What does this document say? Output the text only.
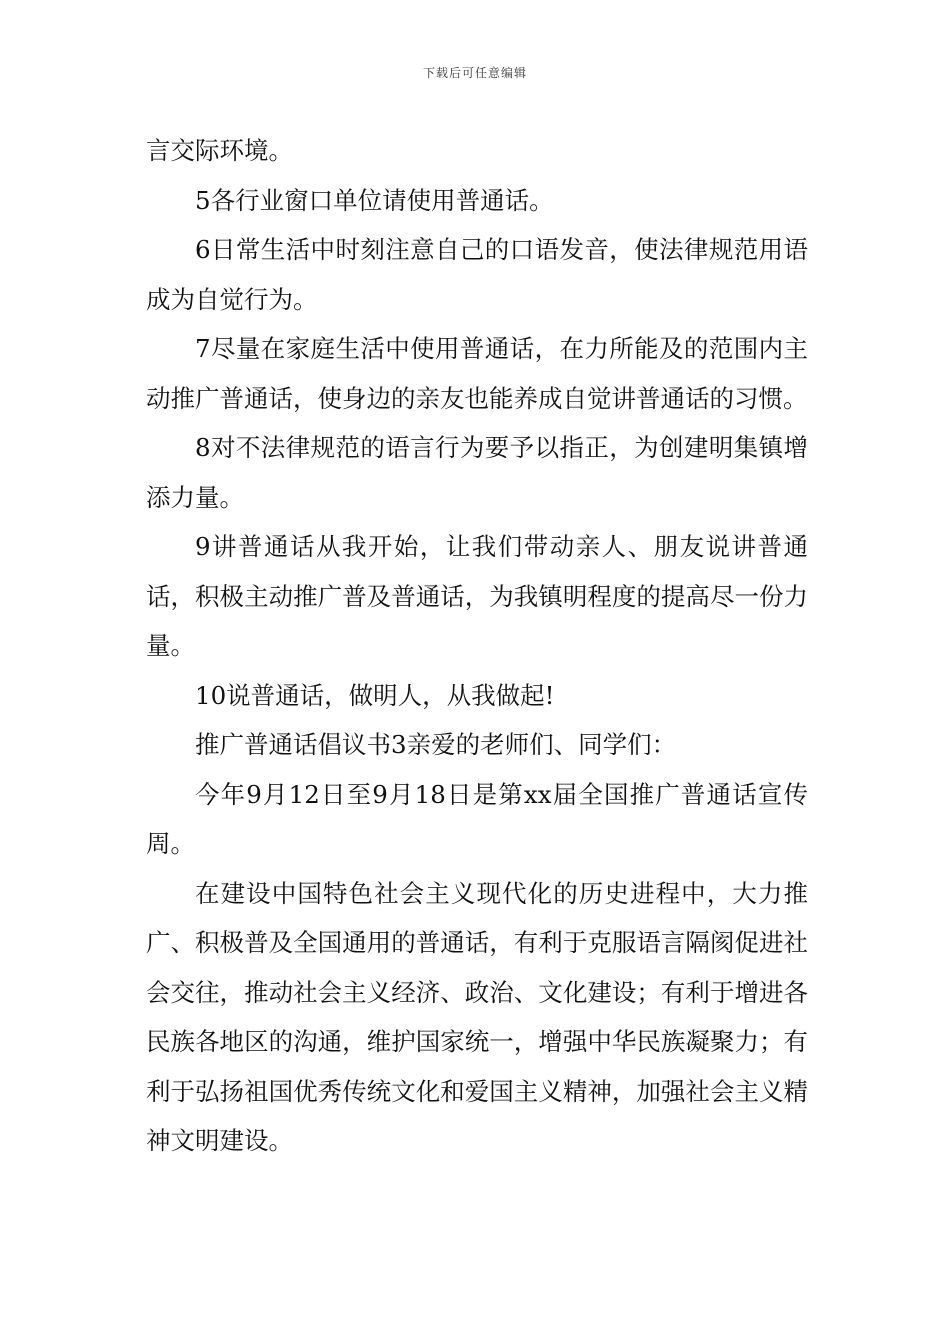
下载后可任意编辑

言交际环境。

5各行业窗口单位请使用普通话。

6日常生活中时刻注意自己的口语发音，使法律规范用语成为自觉行为。

7尽量在家庭生活中使用普通话，在力所能及的范围内主动推广普通话，使身边的亲友也能养成自觉讲普通话的习惯。

8对不法律规范的语言行为要予以指正，为创建明集镇增添力量。

9讲普通话从我开始，让我们带动亲人、朋友说讲普通话，积极主动推广普及普通话，为我镇明程度的提高尽一份力量。

10说普通话，做明人，从我做起!

推广普通话倡议书3亲爱的老师们、同学们：

今年9月12日至9月18日是第xx届全国推广普通话宣传周。

在建设中国特色社会主义现代化的历史进程中，大力推广、积极普及全国通用的普通话，有利于克服语言隔阂促进社会交往，推动社会主义经济、政治、文化建设；有利于增进各民族各地区的沟通，维护国家统一，增强中华民族凝聚力；有利于弘扬祖国优秀传统文化和爱国主义精神，加强社会主义精神文明建设。
